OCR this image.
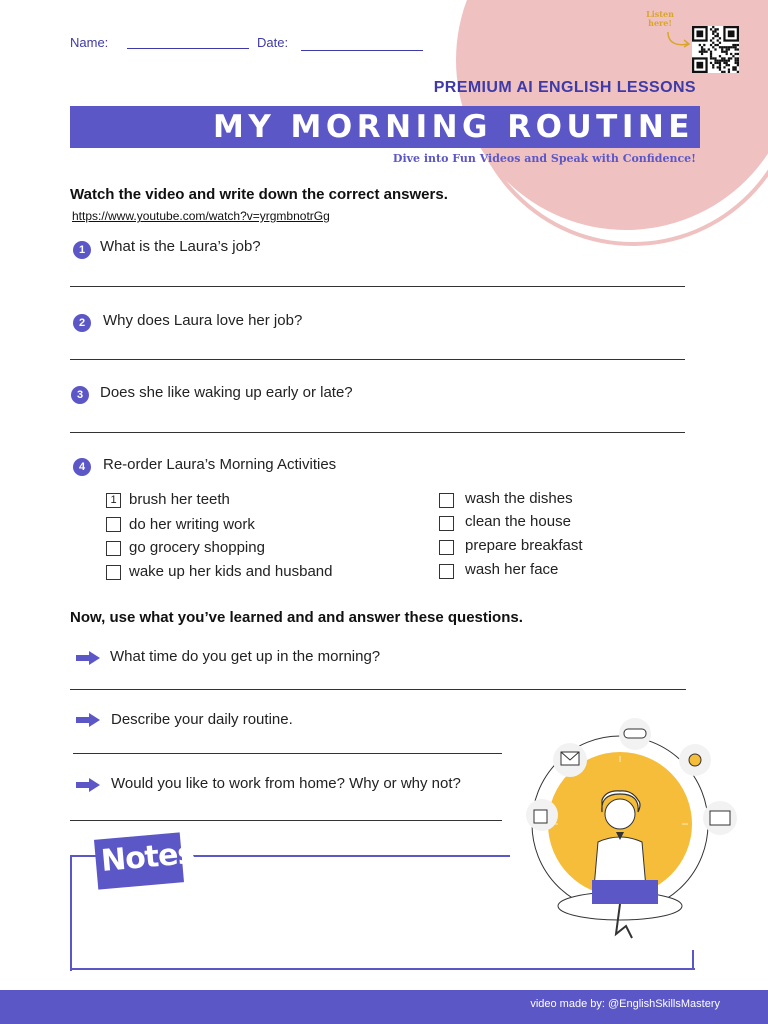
Name:	Date:
Listen here!
PREMIUM AI ENGLISH LESSONS
MY MORNING ROUTINE
Dive into Fun Videos and Speak with Confidence!
Watch the video and write down the correct answers.
https://www.youtube.com/watch?v=yrgmbnotrGg
1 What is the Laura’s job?
2	Why does Laura love her job?
3	Does she like waking up early or late?
4	Re-order Laura’s Morning Activities
1 brush her teeth
do her writing work
go grocery shopping
wake up her kids and husband
wash the dishes
clean the house
prepare breakfast
wash her face
Now, use what you’ve learned and and answer these questions.
What time do you get up in the morning?
Describe your daily routine.
Would you like to work from home? Why or why not?
Notes
video made by: @EnglishSkillsMastery
